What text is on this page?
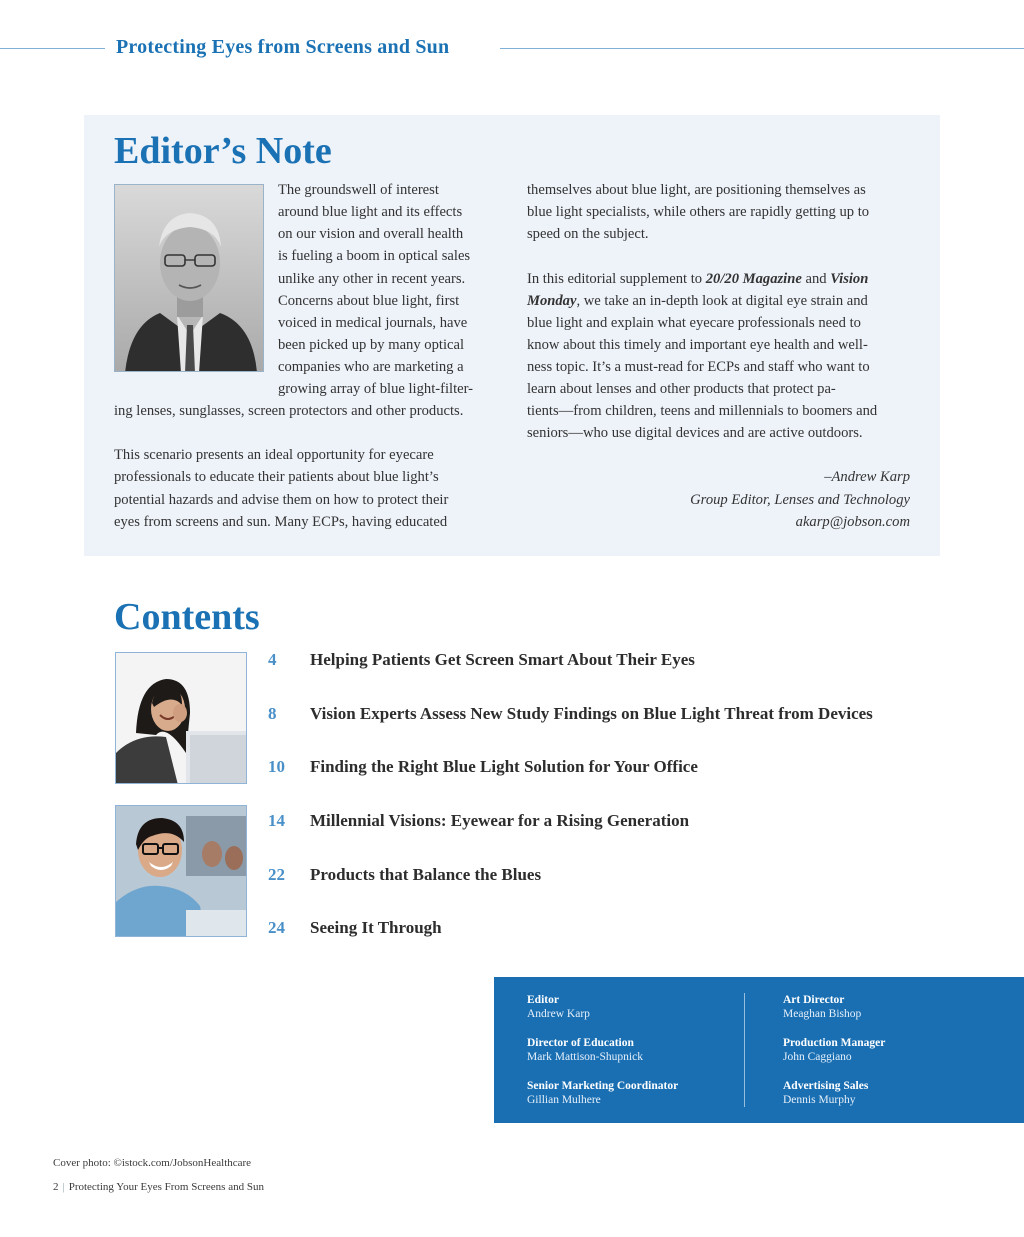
Protecting Eyes from Screens and Sun
Editor’s Note
The groundswell of interest
around blue light and its effects
on our vision and overall health
is fueling a boom in optical sales
unlike any other in recent years.
Concerns about blue light, first
voiced in medical journals, have
been picked up by many optical
companies who are marketing a
growing array of blue light-filter-
ing lenses, sunglasses, screen protectors and other products.
This scenario presents an ideal opportunity for eyecare
professionals to educate their patients about blue light’s
potential hazards and advise them on how to protect their
eyes from screens and sun. Many ECPs, having educated
themselves about blue light, are positioning themselves as
blue light specialists, while others are rapidly getting up to
speed on the subject.
In this editorial supplement to 20/20 Magazine and Vision
Monday, we take an in-depth look at digital eye strain and
blue light and explain what eyecare professionals need to
know about this timely and important eye health and well-
ness topic. It’s a must-read for ECPs and staff who want to
learn about lenses and other products that protect pa-
tients—from children, teens and millennials to boomers and
seniors—who use digital devices and are active outdoors.
–Andrew Karp
Group Editor, Lenses and Technology
akarp@jobson.com
Contents
4 Helping Patients Get Screen Smart About Their Eyes
8 Vision Experts Assess New Study Findings on Blue Light Threat from Devices
10 Finding the Right Blue Light Solution for Your Office
14 Millennial Visions: Eyewear for a Rising Generation
22 Products that Balance the Blues
24 Seeing It Through
Editor
Andrew Karp
Director of Education
Mark Mattison-Shupnick
Senior Marketing Coordinator
Gillian Mulhere
Art Director
Meaghan Bishop
Production Manager
John Caggiano
Advertising Sales
Dennis Murphy
Cover photo: ©istock.com/JobsonHealthcare
2 | Protecting Your Eyes From Screens and Sun
